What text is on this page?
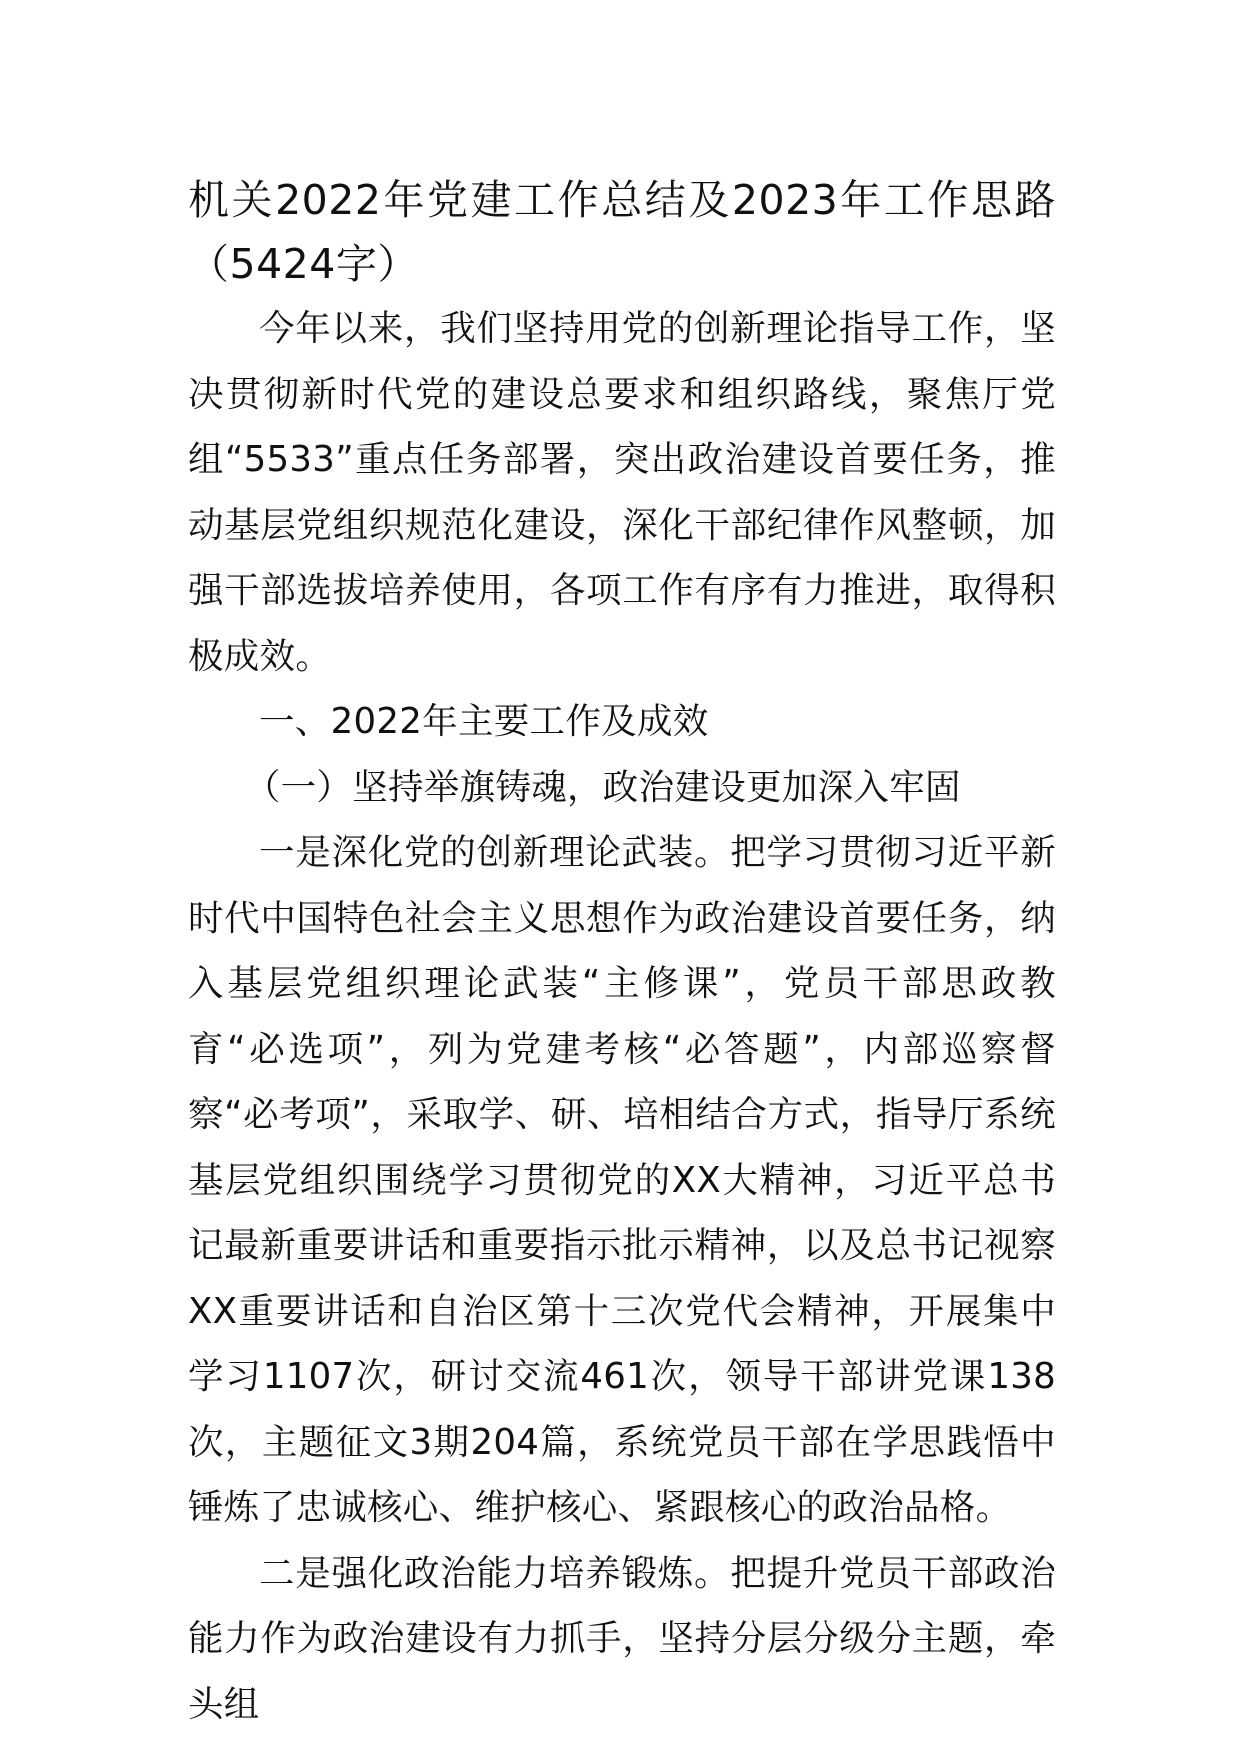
机关2022年党建工作总结及2023年工作思路（5424字）

今年以来，我们坚持用党的创新理论指导工作，坚决贯彻新时代党的建设总要求和组织路线，聚焦厅党组“5533”重点任务部署，突出政治建设首要任务，推动基层党组织规范化建设，深化干部纪律作风整顿，加强干部选拔培养使用，各项工作有序有力推进，取得积极成效。

一、2022年主要工作及成效

（一）坚持举旗铸魂，政治建设更加深入牢固

一是深化党的创新理论武装。把学习贯彻习近平新时代中国特色社会主义思想作为政治建设首要任务，纳入基层党组织理论武装“主修课”，党员干部思政教育“必选项”，列为党建考核“必答题”，内部巡察督察“必考项”，采取学、研、培相结合方式，指导厅系统基层党组织围绕学习贯彻党的XX大精神，习近平总书记最新重要讲话和重要指示批示精神，以及总书记视察XX重要讲话和自治区第十三次党代会精神，开展集中学习1107次，研讨交流461次，领导干部讲党课138次，主题征文3期204篇，系统党员干部在学思践悟中锤炼了忠诚核心、维护核心、紧跟核心的政治品格。

二是强化政治能力培养锻炼。把提升党员干部政治能力作为政治建设有力抓手，坚持分层分级分主题，牵头组
